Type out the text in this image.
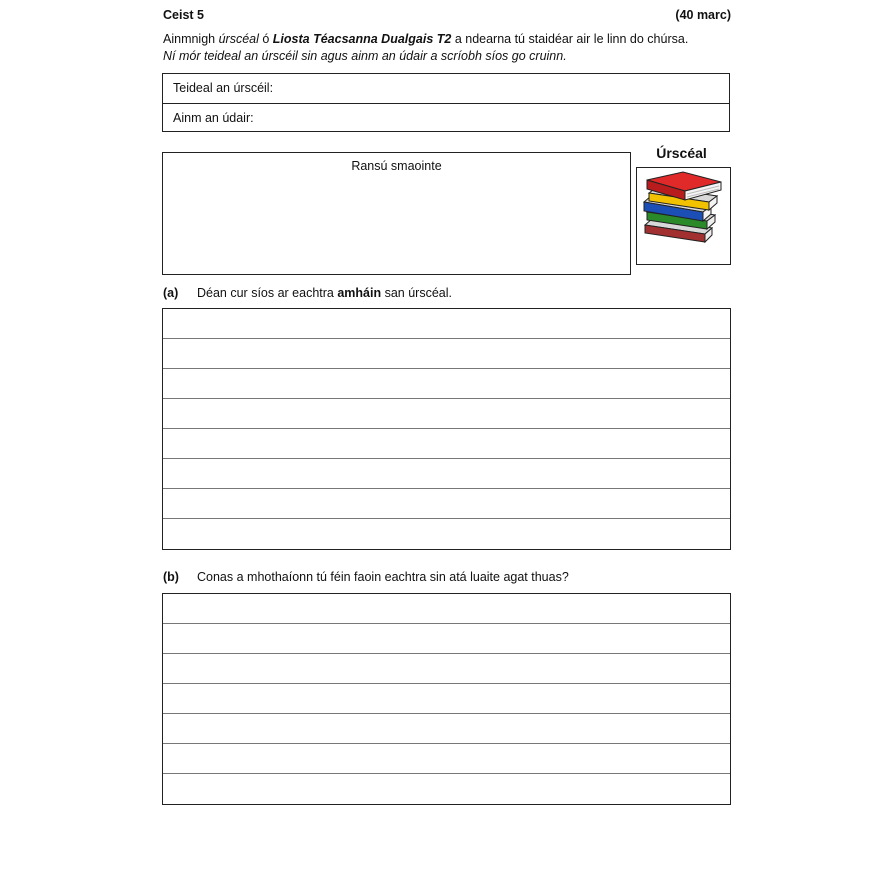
Ceist 5	(40 marc)
Ainmnigh úrscéal ó Liosta Téacsanna Dualgais T2 a ndearna tú staidéar air le linn do chúrsa.
Ní mór teideal an úrscéil sin agus ainm an údair a scríobh síos go cruinn.
Teideal an úrscéil:
Ainm an údair:
Ransú smaointe
Úrscéal
(a) Déan cur síos ar eachtra amháin san úrscéal.
(b) Conas a mhothaíonn tú féin faoin eachtra sin atá luaite agat thuas?
